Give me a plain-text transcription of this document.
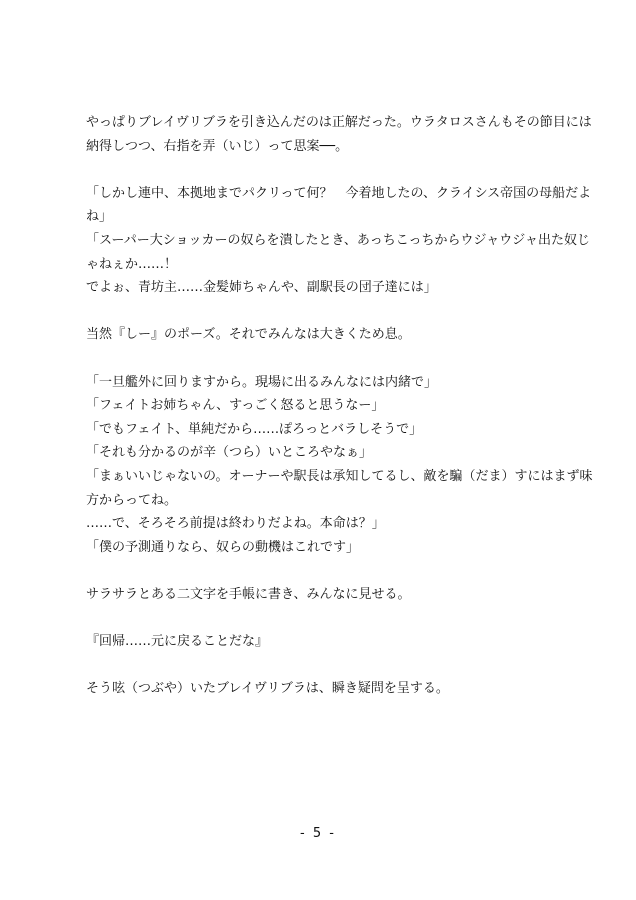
やっぱりブレイヴリブラを引き込んだのは正解だった。ウラタロスさんもその節目には
納得しつつ、右指を弄（いじ）って思案──。
「しかし連中、本拠地までパクリって何？　今着地したの、クライシス帝国の母船だよ
ね」
「スーパー大ショッカーの奴らを潰したとき、あっちこっちからウジャウジャ出た奴じ
ゃねぇか……！
でよぉ、青坊主……金髪姉ちゃんや、副駅長の団子達には」
当然『しー』のポーズ。それでみんなは大きくため息。
「一旦艦外に回りますから。現場に出るみんなには内緒で」
「フェイトお姉ちゃん、すっごく怒ると思うなー」
「でもフェイト、単純だから……ぽろっとバラしそうで」
「それも分かるのが辛（つら）いところやなぁ」
「まぁいいじゃないの。オーナーや駅長は承知してるし、敵を騙（だま）すにはまず味
方からってね。
……で、そろそろ前提は終わりだよね。本命は？」
「僕の予測通りなら、奴らの動機はこれです」
サラサラとある二文字を手帳に書き、みんなに見せる。
『回帰……元に戻ることだな』
そう呟（つぶや）いたブレイヴリブラは、瞬き疑問を呈する。
- 5 -
